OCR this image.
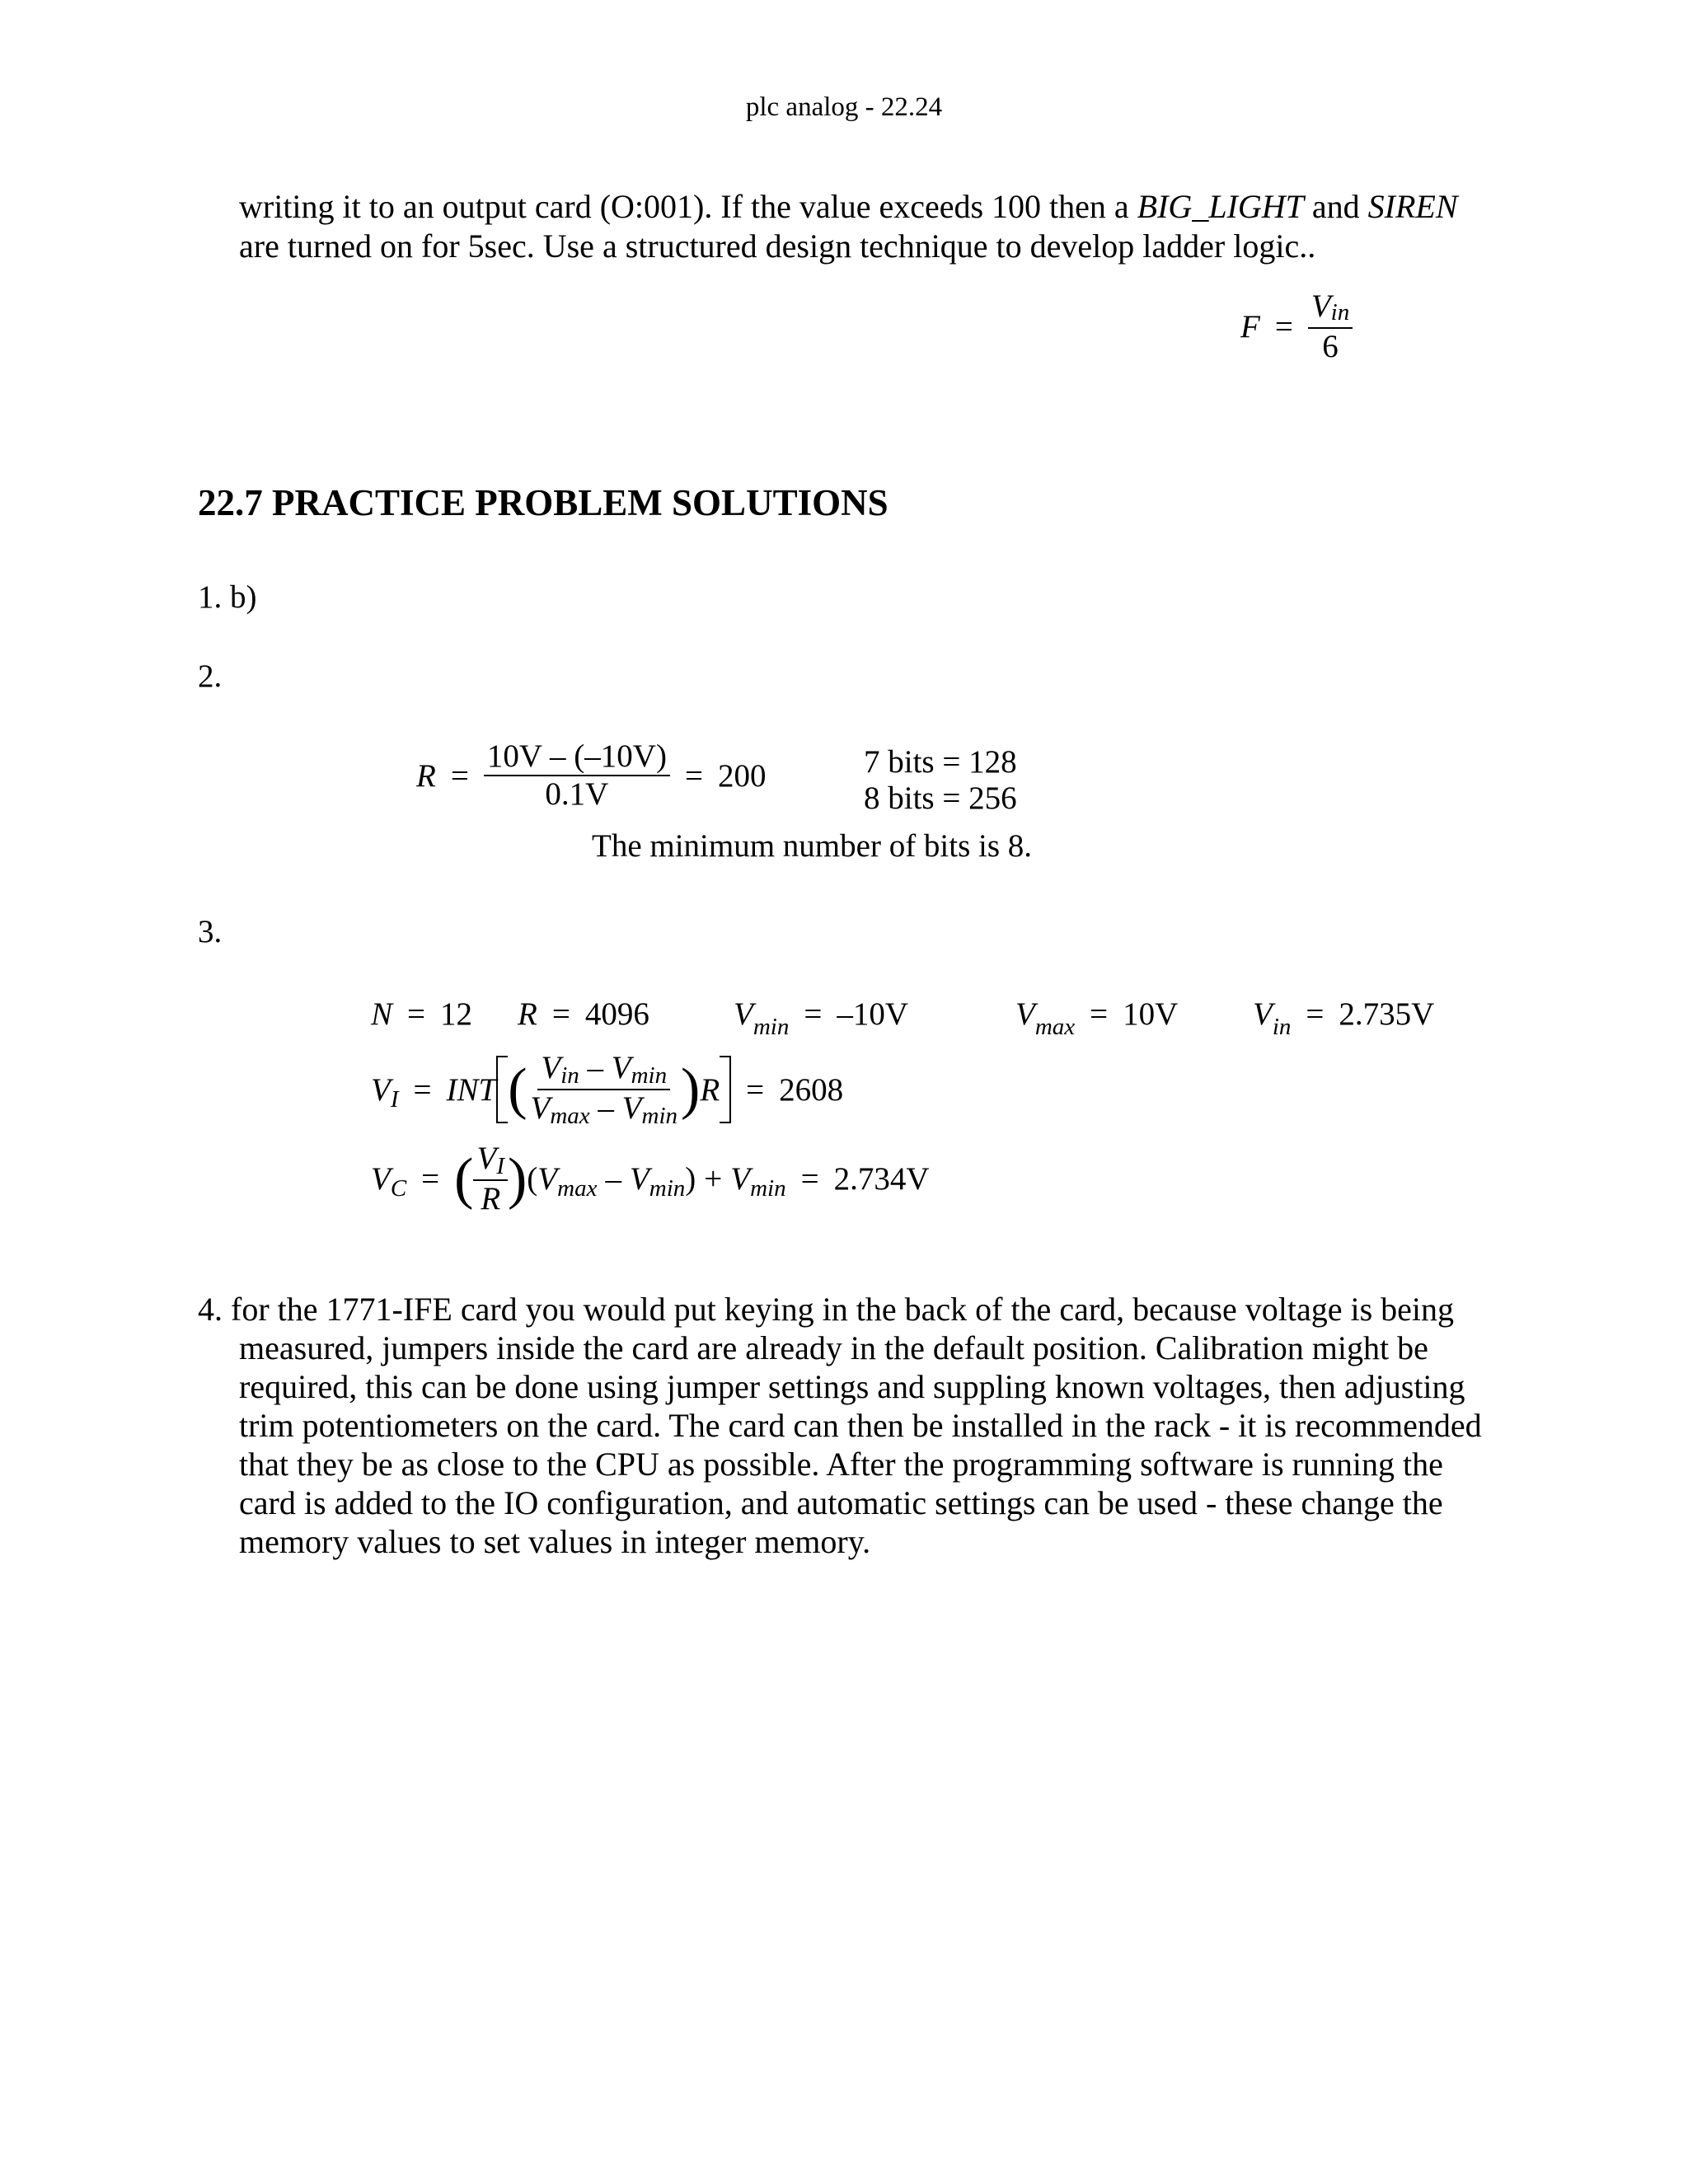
plc analog - 22.24
writing it to an output card (O:001). If the value exceeds 100 then a BIG_LIGHT and SIREN
are turned on for 5sec. Use a structured design technique to develop ladder logic..
$F = \frac{\text{Vin}}{6}$
22.7 PRACTICE PROBLEM SOLUTIONS
1. b)
2.
$R = \frac{10V - (-10V)}{0.1V} = 200$	7 bits = 128
8 bits = 256
The minimum number of bits is 8.
3.
N = 12 R = 4096	$V_{min} = -10V$	$V_{max} = 10V$ $V_{in} = 2.735V$
V I = INT ( $\frac{\text{Vin – Vmin}}{Vmax - Vmin}$ ) R = 2608
V C = ( $\frac{VI}{R}$ ) ( V max – V min ) + V min = 2.734V
4. for the 1771-IFE card you would put keying in the back of the card, because voltage is being
measured, jumpers inside the card are already in the default position. Calibration might be
required, this can be done using jumper settings and suppling known voltages, then adjusting
trim potentiometers on the card. The card can then be installed in the rack - it is recommended
that they be as close to the CPU as possible. After the programming software is running the
card is added to the IO configuration, and automatic settings can be used - these change the
memory values to set values in integer memory.
